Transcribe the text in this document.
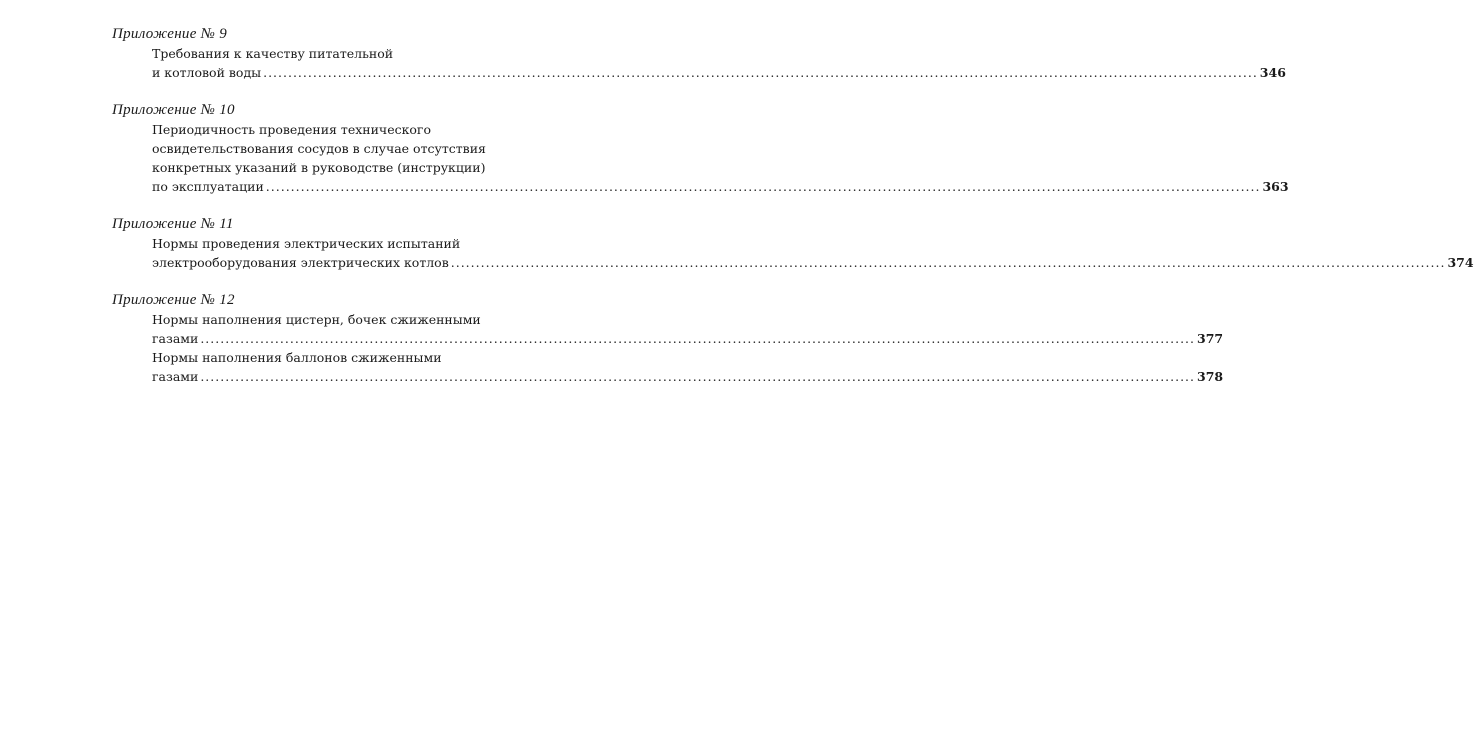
Приложение № 9
Требования к качеству питательной
и котловой воды ........................................................................................................................................................................................................ 346
Приложение № 10
Периодичность проведения технического
освидетельствования сосудов в случае отсутствия
конкретных указаний в руководстве (инструкции)
по эксплуатации ........................................................................................................................................................................................................ 363
Приложение № 11
Нормы проведения электрических испытаний
электрооборудования электрических котлов ........................................................................................................................................................................................................ 374
Приложение № 12
Нормы наполнения цистерн, бочек сжиженными
газами ........................................................................................................................................................................................................ 377
Нормы наполнения баллонов сжиженными
газами ........................................................................................................................................................................................................ 378
